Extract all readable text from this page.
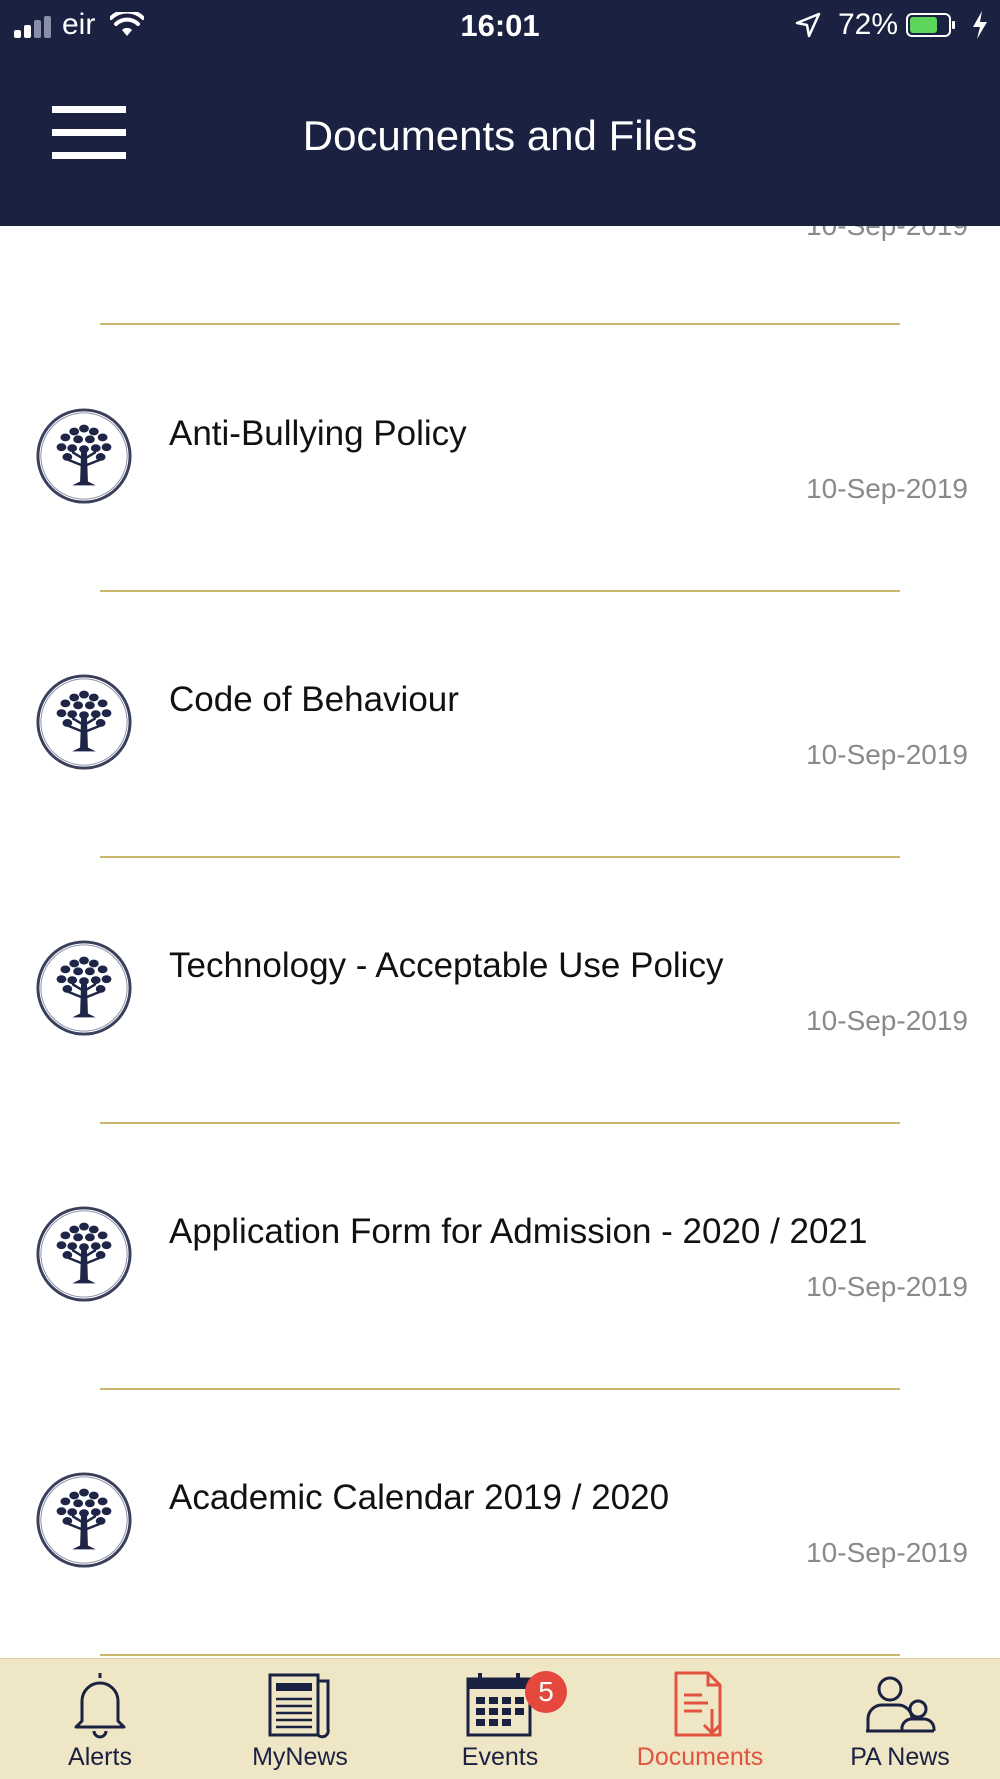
Anti-Bullying Policy
10-Sep-2019
Code of Behaviour
10-Sep-2019
Technology - Acceptable Use Policy
10-Sep-2019
Application Form for Admission - 2020 / 2021
10-Sep-2019
Academic Calendar 2019 / 2020
10-Sep-2019
eir	16:01	72%
Documents and Files
Alerts	MyNews
5
Events	Documents	PA News
